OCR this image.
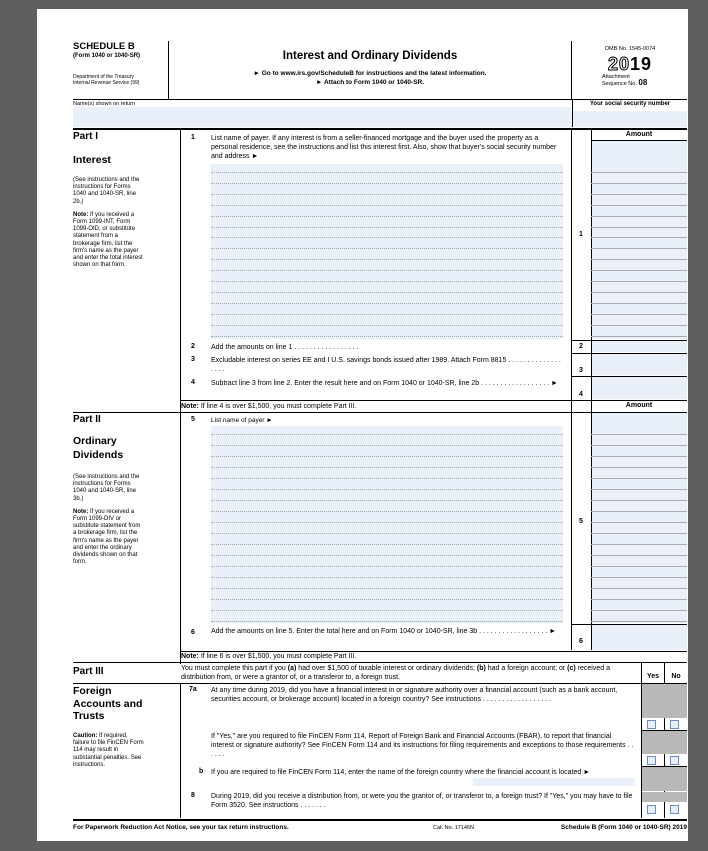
SCHEDULE B
(Form 1040 or 1040-SR)
Department of the Treasury
Internal Revenue Service (99)
Interest and Ordinary Dividends
► Go to www.irs.gov/ScheduleB for instructions and the latest information.
► Attach to Form 1040 or 1040-SR.
OMB No. 1545-0074
2019
Attachment
Sequence No. 08
Name(s) shown on return	Your social security number
Part I
Interest
(See instructions and the instructions for Forms 1040 and 1040-SR, line 2b.)
Note: If you received a Form 1099-INT, Form 1099-OID, or substitute statement from a brokerage firm, list the firm's name as the payer and enter the total interest shown on that form.
Amount
1 List name of payer. If any interest is from a seller-financed mortgage and the buyer used the property as a personal residence, see the instructions and list this interest first. Also, show that buyer's social security number and address ►
1
2 Add the amounts on line 1 . . . . . . . . . . . . . . . . .	2
3 Excludable interest on series EE and I U.S. savings bonds issued after 1989. Attach Form 8815 . . . . . . . . . . . . . . . . . .	3
4 Subtract line 3 from line 2. Enter the result here and on Form 1040 or 1040-SR, line 2b . . . . . . . . . . . . . . . . . . ►
4
Note: If line 4 is over $1,500, you must complete Part III.	Amount
Part II
Ordinary Dividends
(See instructions and the instructions for Forms 1040 and 1040-SR, line 3b.)
Note: If you received a Form 1099-DIV or substitute statement from a brokerage firm, list the firm's name as the payer and enter the ordinary dividends shown on that form.
5 List name of payer ►
5
6 Add the amounts on line 5. Enter the total here and on Form 1040 or 1040-SR, line 3b . . . . . . . . . . . . . . . . . . ►
6
Note: If line 6 is over $1,500, you must complete Part III.
Part III	You must complete this part if you (a) had over $1,500 of taxable interest or ordinary dividends; (b) had a foreign account; or (c) received a distribution from, or were a grantor of, or a transferor to, a foreign trust.	Yes	No
Foreign Accounts and Trusts
Caution: If required, failure to file FinCEN Form 114 may result in substantial penalties. See instructions.
7a At any time during 2019, did you have a financial interest in or signature authority over a financial account (such as a bank account, securities account, or brokerage account) located in a foreign country? See instructions . . . . . . . . . . . . . . . . . .
If "Yes," are you required to file FinCEN Form 114, Report of Foreign Bank and Financial Accounts (FBAR), to report that financial interest or signature authority? See FinCEN Form 114 and its instructions for filing requirements and exceptions to those requirements . . . . . .
b If you are required to file FinCEN Form 114, enter the name of the foreign country where the financial account is located ►
8 During 2019, did you receive a distribution from, or were you the grantor of, or transferor to, a foreign trust? If "Yes," you may have to file Form 3520. See instructions . . . . . . .
For Paperwork Reduction Act Notice, see your tax return instructions.	Cat. No. 17146N	Schedule B (Form 1040 or 1040-SR) 2019
